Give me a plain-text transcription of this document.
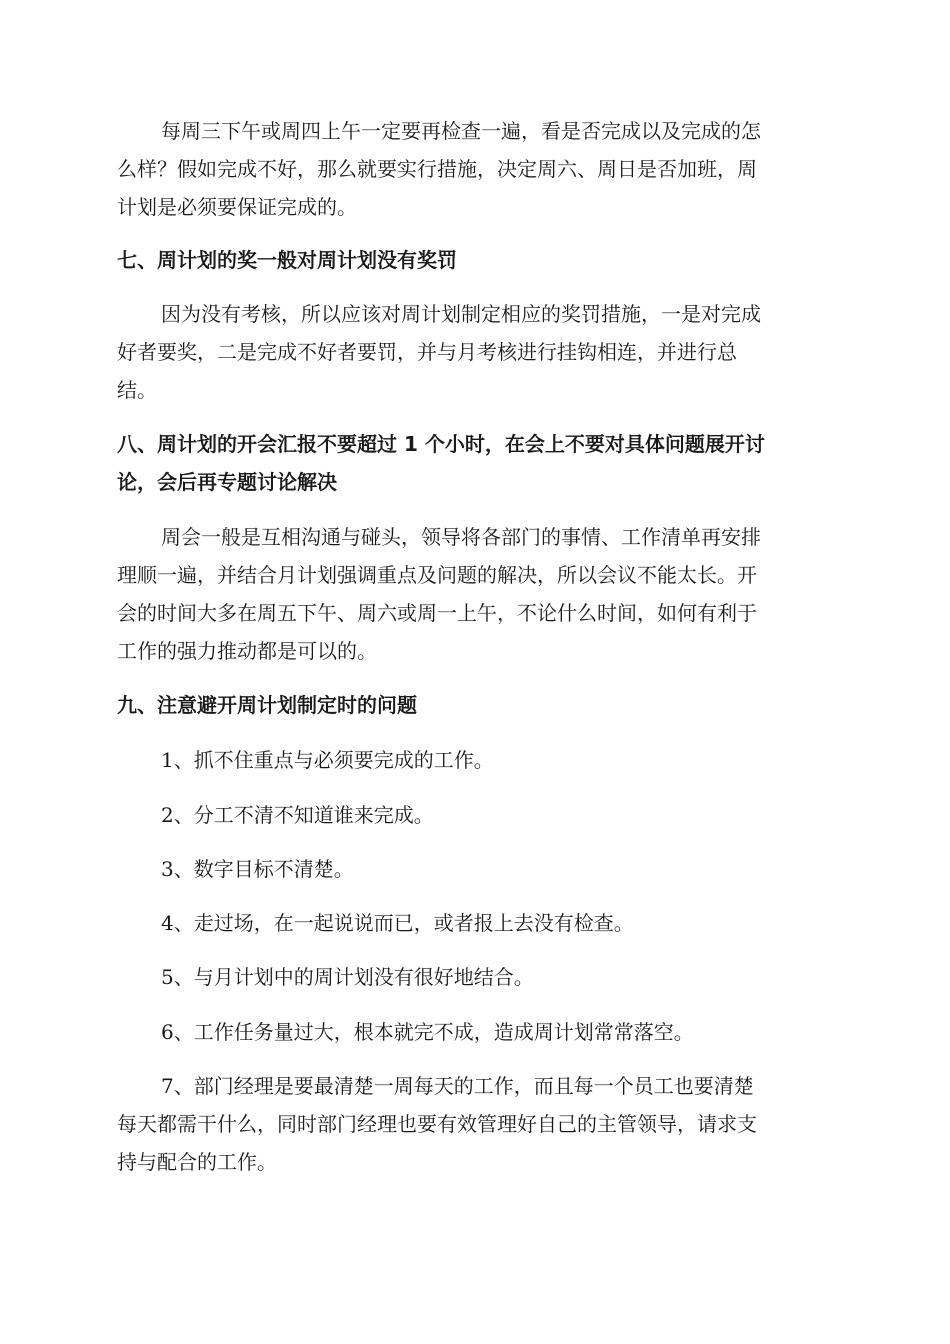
每周三下午或周四上午一定要再检查一遍，看是否完成以及完成的怎
么样？假如完成不好，那么就要实行措施，决定周六、周日是否加班，周
计划是必须要保证完成的。
七、周计划的奖一般对周计划没有奖罚
因为没有考核，所以应该对周计划制定相应的奖罚措施，一是对完成
好者要奖，二是完成不好者要罚，并与月考核进行挂钩相连，并进行总
结。
八、周计划的开会汇报不要超过 1 个小时，在会上不要对具体问题展开讨
论，会后再专题讨论解决
周会一般是互相沟通与碰头，领导将各部门的事情、工作清单再安排
理顺一遍，并结合月计划强调重点及问题的解决，所以会议不能太长。开
会的时间大多在周五下午、周六或周一上午，不论什么时间，如何有利于
工作的强力推动都是可以的。
九、注意避开周计划制定时的问题
1、抓不住重点与必须要完成的工作。
2、分工不清不知道谁来完成。
3、数字目标不清楚。
4、走过场，在一起说说而已，或者报上去没有检查。
5、与月计划中的周计划没有很好地结合。
6、工作任务量过大，根本就完不成，造成周计划常常落空。
7、部门经理是要最清楚一周每天的工作，而且每一个员工也要清楚
每天都需干什么，同时部门经理也要有效管理好自己的主管领导，请求支
持与配合的工作。
